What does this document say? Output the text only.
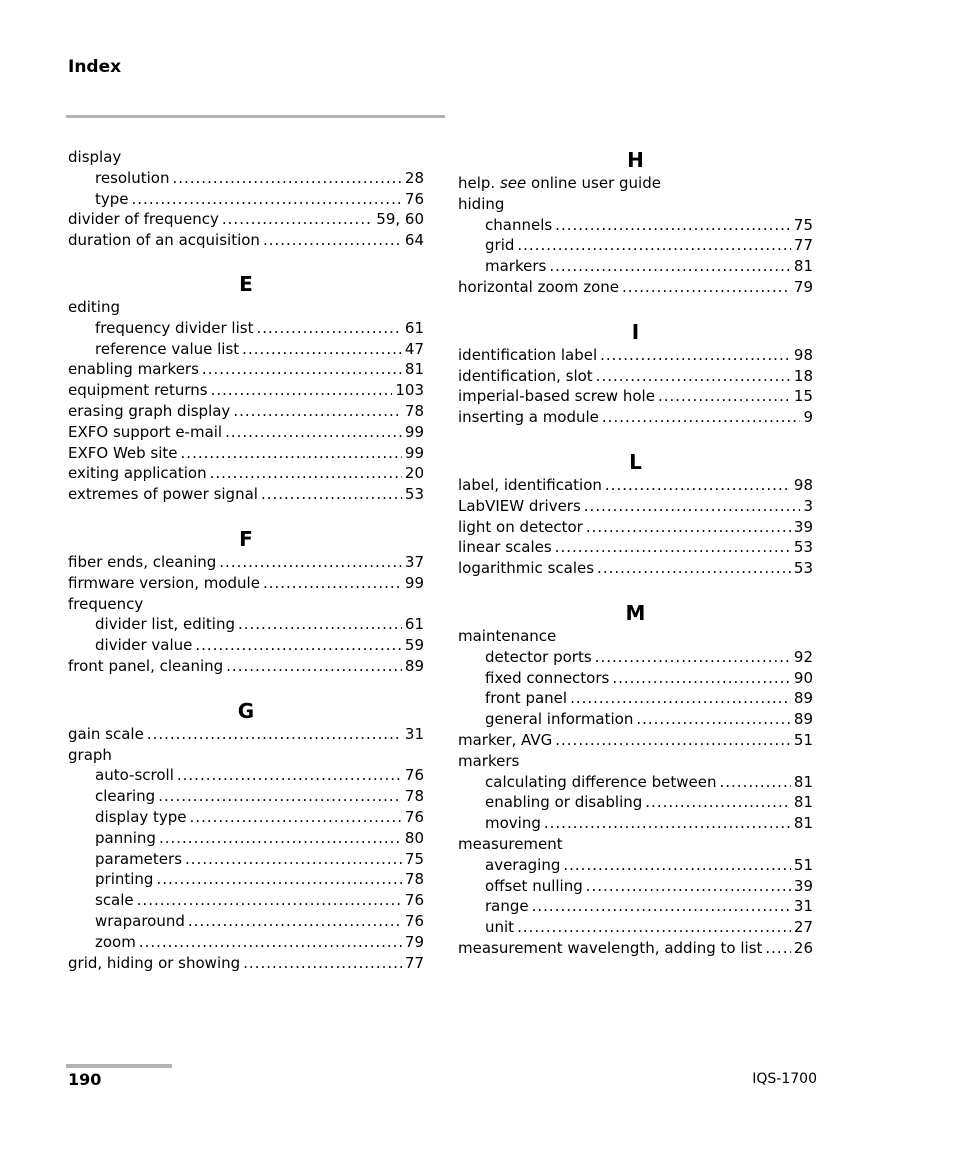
Index
display
resolution .....	28
type .....	76
divider of frequency .....	59, 60
duration of an acquisition .....	64
E
editing
frequency divider list .....	61
reference value list .....	47
enabling markers .....	81
equipment returns .....	103
erasing graph display .....	78
EXFO support e-mail .....	99
EXFO Web site .....	99
exiting application .....	20
extremes of power signal .....	53
F
fiber ends, cleaning .....	37
firmware version, module .....	99
frequency
divider list, editing .....	61
divider value .....	59
front panel, cleaning .....	89
G
gain scale .....	31
graph
auto-scroll .....	76
clearing .....	78
display type .....	76
panning .....	80
parameters .....	75
printing .....	78
scale .....	76
wraparound .....	76
zoom .....	79
grid, hiding or showing .....	77
H
help. see online user guide
hiding
channels .....	75
grid .....	77
markers .....	81
horizontal zoom zone .....	79
I
identification label .....	98
identification, slot .....	18
imperial-based screw hole .....	15
inserting a module .....	9
L
label, identification .....	98
LabVIEW drivers .....	3
light on detector .....	39
linear scales .....	53
logarithmic scales .....	53
M
maintenance
detector ports .....	92
fixed connectors .....	90
front panel .....	89
general information .....	89
marker, AVG .....	51
markers
calculating difference between .....	81
enabling or disabling .....	81
moving .....	81
measurement
averaging .....	51
offset nulling .....	39
range .....	31
unit .....	27
measurement wavelength, adding to list ..... 26
190	IQS-1700
